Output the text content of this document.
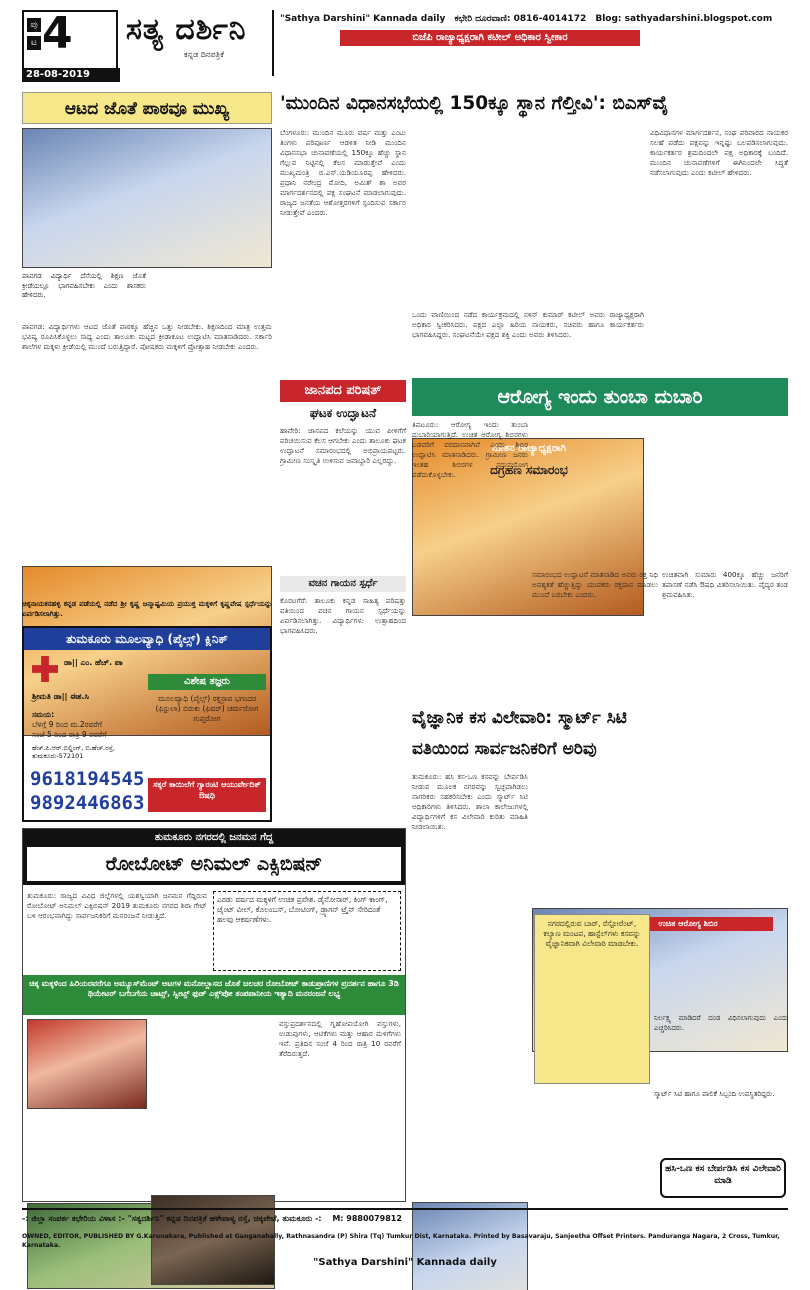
ಪು
ಟ 4 ಸತ್ಯ ದರ್ಶಿನಿ
ಕನ್ನಡ ದಿನಪತ್ರಿಕೆ
28-08-2019
"Sathya Darshini" Kannada daily ಕಛೇರಿ ದೂರವಾಣಿ: 0816-4014172 Blog: sathyadarshini.blogspot.com
ಬಿಜೆಪಿ ರಾಜ್ಯಾಧ್ಯಕ್ಷರಾಗಿ ಕಟೀಲ್ ಅಧಿಕಾರ ಸ್ವೀಕಾರ
ಆಟದ ಜೊತೆ ಪಾಠವೂ ಮುಖ್ಯ
ಪಾವಗಡ ವಿದ್ಯಾರ್ಥಿ ದೆಸೆಯಲ್ಲಿ ಶಿಕ್ಷಣ ಜೊತೆ ಕ್ರೀಡೆಯಲ್ಲೂ ಭಾಗವಹಿಸಬೇಕು ಎಂದು ಶಾಸಕರು ಹೇಳಿದರು.
ಪಾವಗಡ: ವಿದ್ಯಾರ್ಥಿಗಳು ಆಟದ ಜೊತೆ ಪಾಠಕ್ಕೂ ಹೆಚ್ಚಿನ ಒತ್ತು ನೀಡಬೇಕು. ಶಿಕ್ಷಣದಿಂದ ಮಾತ್ರ ಉತ್ತಮ ಭವಿಷ್ಯ ರೂಪಿಸಿಕೊಳ್ಳಲು ಸಾಧ್ಯ ಎಂದು ತಾಲೂಕು ಮಟ್ಟದ ಕ್ರೀಡಾಕೂಟ ಉದ್ಘಾಟಿಸಿ ಮಾತನಾಡಿದರು. ಸರ್ಕಾರಿ ಶಾಲೆಗಳ ಮಕ್ಕಳು ಕ್ರೀಡೆಯಲ್ಲಿ ಮುಂದೆ ಬರುತ್ತಿದ್ದಾರೆ. ಪೋಷಕರು ಮಕ್ಕಳಿಗೆ ಪ್ರೋತ್ಸಾಹ ನೀಡಬೇಕು ಎಂದರು.
ಚಿಕ್ಕನಾಯಕನಹಳ್ಳಿ ಕನ್ನಡ ಪಡೆಯಲ್ಲಿ ನಡೆದ ಶ್ರೀ ಕೃಷ್ಣ ಜನ್ಮಾಷ್ಟಮಿಯ ಪ್ರಯುಕ್ತ ಮಕ್ಕಳಿಗೆ ಕೃಷ್ಣವೇಷ ಸ್ಪರ್ಧೆಯನ್ನು ಏರ್ಪಡಿಸಲಾಗಿತ್ತು.
ತುಮಕೂರು ಮೂಲವ್ಯಾಧಿ (ಪೈಲ್ಸ್) ಕ್ಲಿನಿಕ್
ಡಾ|| ಎಂ. ಹೆಚ್. ಪಾ
ವಿಶೇಷ ತಜ್ಞರು
ಮೂಲವ್ಯಾಧಿ (ಪೈಲ್ಸ್) ರಕ್ತಸ್ರಾವ ಭಗಂದರ (ಫಿಸ್ಟುಲಾ) ಬಿರುಕು (ಫಿಷರ್) ಚರ್ಮರೋಗ ಗುಪ್ತರೋಗ
ಶ್ರೀಮತಿ ಡಾ|| ಈಶ.ಸಿ
ಸಮಯ:
ಬೆಳಿಗ್ಗೆ 9 ರಿಂದ ಮ.2ರವರೆಗೆ
ಸಂಜೆ 5 ರಿಂದ ರಾತ್ರಿ 9 ರವರೆಗೆ
ಹೆಚ್.ಪಿ.ಆರ್.ಬಿಲ್ಡಿಂಗ್, ಬಿ.ಹೆಚ್.ರಸ್ತೆ, ತುಮಕೂರು-572101
9618194545
9892446863
ಸಕ್ಕರೆ ಕಾಯಿಲೆಗೆ ಗ್ಯಾರಂಟಿ ಆಯುರ್ವೇದಿಕ್ ಔಷಧಿ
ಬೆಂಗಳೂರು: ಮುಂದಿನ ಮೂರು ವರ್ಷ ಮತ್ತು ಎಂಟು ತಿಂಗಳು ಪರಿಪೂರ್ಣ ಆಡಳಿತ ನೀಡಿ ಮುಂದಿನ ವಿಧಾನಸಭಾ ಚುನಾವಣೆಯಲ್ಲಿ 150ಕ್ಕೂ ಹೆಚ್ಚು ಸ್ಥಾನ ಗೆಲ್ಲುವ ನಿಟ್ಟಿನಲ್ಲಿ ಕೆಲಸ ಮಾಡುತ್ತೇವೆ ಎಂದು ಮುಖ್ಯಮಂತ್ರಿ ಬಿ.ಎಸ್.ಯಡಿಯೂರಪ್ಪ ಹೇಳಿದರು. ಪ್ರಧಾನಿ ನರೇಂದ್ರ ಮೋದಿ, ಅಮಿತ್ ಶಾ ಅವರ ಮಾರ್ಗದರ್ಶನದಲ್ಲಿ ಪಕ್ಷ ಸಂಘಟನೆ ಮಾಡಲಾಗುವುದು. ರಾಜ್ಯದ ಜನತೆಯ ಆಶೋತ್ತರಗಳಿಗೆ ಸ್ಪಂದಿಸುವ ಸರ್ಕಾರ ನೀಡುತ್ತೇವೆ ಎಂದರು.
'ಮುಂದಿನ ವಿಧಾನಸಭೆಯಲ್ಲಿ 150ಕ್ಕೂ ಸ್ಥಾನ ಗೆಲ್ತೀವಿ': ಬಿಎಸ್‌ವೈ
ನೂತನ ರಾಜ್ಯಾಧ್ಯಕ್ಷರಾಗಿ
ದಗ್ರಹಣ ಸಮಾರಂಭ
ಒಂದು ವಾಣಿಯಿಂದ ನಡೆದ ಕಾರ್ಯಕ್ರಮದಲ್ಲಿ ನಳಿನ್ ಕುಮಾರ್ ಕಟೀಲ್ ಅವರು ರಾಜ್ಯಾಧ್ಯಕ್ಷರಾಗಿ ಅಧಿಕಾರ ಸ್ವೀಕರಿಸಿದರು. ಪಕ್ಷದ ಎಲ್ಲಾ ಹಿರಿಯ ನಾಯಕರು, ಸಚಿವರು ಹಾಗೂ ಕಾರ್ಯಕರ್ತರು ಭಾಗವಹಿಸಿದ್ದರು. ಸಂಘಟನೆಯೇ ಪಕ್ಷದ ಶಕ್ತಿ ಎಂದು ಅವರು ತಿಳಿಸಿದರು.
ವಿಧಿವಿಧಾನಗಳ ಮಾರ್ಗದರ್ಶನ, ಸಂಘ ಪರಿವಾರದ ನಾಯಕರ ಸಲಹೆ ಪಡೆದು ಪಕ್ಷವನ್ನು ಇನ್ನಷ್ಟು ಬಲಪಡಿಸಲಾಗುವುದು. ಕಾರ್ಯಕರ್ತರ ಶ್ರಮದಿಂದಲೇ ಪಕ್ಷ ಅಧಿಕಾರಕ್ಕೆ ಬಂದಿದೆ. ಮುಂದಿನ ಚುನಾವಣೆಗಳಿಗೆ ಈಗಿನಿಂದಲೇ ಸಿದ್ಧತೆ ನಡೆಸಲಾಗುವುದು ಎಂದು ಕಟೀಲ್ ಹೇಳಿದರು.
ಜಾನಪದ ಪರಿಷತ್
ಘಟಕ ಉದ್ಘಾಟನೆ
ಹಾವೇರಿ: ಜಾನಪದ ಕಲೆಯನ್ನು ಯುವ ಪೀಳಿಗೆಗೆ ಪರಿಚಯಿಸುವ ಕೆಲಸ ಆಗಬೇಕು ಎಂದು ತಾಲೂಕು ಘಟಕ ಉದ್ಘಾಟನೆ ಸಮಾರಂಭದಲ್ಲಿ ಅಭಿಪ್ರಾಯಪಟ್ಟರು. ಗ್ರಾಮೀಣ ಸಂಸ್ಕೃತಿ ಉಳಿಸುವ ಜವಾಬ್ದಾರಿ ಎಲ್ಲರದ್ದು.
ವಚನ ಗಾಯನ ಸ್ಪರ್ಧೆ
ಕೊರಟಗೆರೆ: ತಾಲೂಕು ಕನ್ನಡ ಸಾಹಿತ್ಯ ಪರಿಷತ್ತು ವತಿಯಿಂದ ವಚನ ಗಾಯನ ಸ್ಪರ್ಧೆಯನ್ನು ಏರ್ಪಡಿಸಲಾಗಿತ್ತು. ವಿದ್ಯಾರ್ಥಿಗಳು ಉತ್ಸಾಹದಿಂದ ಭಾಗವಹಿಸಿದರು.
ಆರೋಗ್ಯ ಇಂದು ತುಂಬಾ ದುಬಾರಿ
ತಿಪಟೂರು: ಆರೋಗ್ಯ ಇಂದು ತುಂಬಾ ದುಬಾರಿಯಾಗುತ್ತಿದೆ. ಉಚಿತ ಆರೋಗ್ಯ ಶಿಬಿರಗಳು ಬಡವರಿಗೆ ವರದಾನವಾಗಿವೆ ಎಂದು ಶಿಬಿರ ಉದ್ಘಾಟಿಸಿ ಮಾತನಾಡಿದರು. ಗ್ರಾಮೀಣ ಜನರು ಇಂತಹ ಶಿಬಿರಗಳ ಸದುಪಯೋಗ ಪಡೆದುಕೊಳ್ಳಬೇಕು.
ಉಚಿತ ಆರೋಗ್ಯ ಶಿಬಿರ
ಸಮಾರಂಭದ ಉದ್ಘಾಟನೆ ಮಾತನಾಡಿದ ಅವರು ರಕ್ತ ನಿಧಿ ಅವಶ್ಯಕತೆ ಹೆಚ್ಚುತ್ತಿದ್ದು ಯುವಕರು ರಕ್ತದಾನ ಮಾಡಲು ಮುಂದೆ ಬರಬೇಕು ಎಂದರು.
ಉಚಿತವಾಗಿ ಸುಮಾರು 400ಕ್ಕೂ ಹೆಚ್ಚು ಜನರಿಗೆ ತಪಾಸಣೆ ನಡೆಸಿ ಔಷಧಿ ವಿತರಿಸಲಾಯಿತು. ವೈದ್ಯರ ತಂಡ ಶ್ರಮವಹಿಸಿತು.
ವೈಜ್ಞಾನಿಕ ಕಸ ವಿಲೇವಾರಿ: ಸ್ಮಾರ್ಟ್ ಸಿಟಿ
ವತಿಯಿಂದ ಸಾರ್ವಜನಿಕರಿಗೆ ಅರಿವು
ತುಮಕೂರು: ಹಸಿ ಕಸ-ಒಣ ಕಸವನ್ನು ಬೇರ್ಪಡಿಸಿ ನೀಡುವ ಮೂಲಕ ನಗರವನ್ನು ಸ್ವಚ್ಛವಾಗಿಡಲು ನಾಗರಿಕರು ಸಹಕರಿಸಬೇಕು ಎಂದು ಸ್ಮಾರ್ಟ್ ಸಿಟಿ ಅಧಿಕಾರಿಗಳು ತಿಳಿಸಿದರು. ಶಾಲಾ ಕಾಲೇಜುಗಳಲ್ಲಿ ವಿದ್ಯಾರ್ಥಿಗಳಿಗೆ ಕಸ ವಿಲೇವಾರಿ ಕುರಿತು ಮಾಹಿತಿ ನೀಡಲಾಯಿತು.
ನಗರದಲ್ಲಿರುವ ಬಾರ್, ರೆಸ್ಟೋರೆಂಟ್, ಕಲ್ಯಾಣ ಮಂಟಪ, ಹಾಸ್ಟೆಲ್‌ಗಳು ಕಸವನ್ನು ವೈಜ್ಞಾನಿಕವಾಗಿ ವಿಲೇವಾರಿ ಮಾಡಬೇಕು.
ನಿರ್ಲಕ್ಷ್ಯ ಮಾಡಿದರೆ ದಂಡ ವಿಧಿಸಲಾಗುವುದು ಎಂದು ಎಚ್ಚರಿಸಿದರು.
ಸ್ಮಾರ್ಟ್ ಸಿಟಿ ಹಾಗೂ ಪಾಲಿಕೆ ಸಿಬ್ಬಂದಿ ಉಪಸ್ಥಿತರಿದ್ದರು.
ಹಸಿ-ಒಣ ಕಸ ಬೇರ್ಪಡಿಸಿ ಕಸ ವಿಲೇವಾರಿ ಮಾಡಿ
ತುಮಕೂರು ನಗರದಲ್ಲಿ ಜನಮನ ಗೆದ್ದ
ರೋಬೋಟ್ ಅನಿಮಲ್ ಎಕ್ಸಿಬಿಷನ್
ತುಮಕೂರು: ರಾಜ್ಯದ ವಿವಿಧ ಜಿಲ್ಲೆಗಳಲ್ಲಿ ಯಶಸ್ವಿಯಾಗಿ ಜನಮನ ಗೆದ್ದಿರುವ ರೋಬೋಟ್ ಅನಿಮಲ್ ಎಕ್ಸಿಬಿಷನ್ 2019 ತುಮಕೂರು ನಗರದ ಶಿರಾ ಗೇಟ್ ಬಳಿ ಆರಂಭವಾಗಿದ್ದು ಸಾರ್ವಜನಿಕರಿಗೆ ಮನರಂಜನೆ ನೀಡುತ್ತಿದೆ.
ಎರಡು ವರ್ಷದ ಮಕ್ಕಳಿಗೆ ಉಚಿತ ಪ್ರವೇಶ. ಡೈನೋಸಾರ್, ಕಿಂಗ್ ಕಾಂಗ್, ಜೈಂಟ್ ವೀಲ್, ಕೊಲಂಬಸ್, ಬೋಟಿಂಗ್, ಡ್ರ್ಯಾಗನ್ ಟ್ರೈನ್ ಸೇರಿದಂತೆ ಹಲವು ಆಕರ್ಷಣೆಗಳು.
ಚಿಕ್ಕ ಮಕ್ಕಳಿಂದ ಹಿರಿಯರವರೆಗೂ ಅಮ್ಯೂಸ್‌ಮೆಂಟ್ ಆಟಗಳ ಮನೋಲ್ಲಾಸದ ಜೊತೆ ಜಲಚರ ರೋಬೋಟ್ ಕಾಡುಪ್ರಾಣಿಗಳ ಪ್ರದರ್ಶನ ಹಾಗೂ 3ಡಿ ಥಿಯೇಟರ್ ಬಗೆಬಗೆಯ ಚಾಟ್ಸ್, ಸ್ವೀಟ್ಸ್ ಫುಡ್ ಎಕ್ಸ್‌ಪೋ ತಂಪಪಾನೀಯ ಇತ್ಯಾದಿ ಮನರಂಜನೆ ಲಭ್ಯ
ವಸ್ತುಪ್ರದರ್ಶನದಲ್ಲಿ ಗೃಹೋಪಯೋಗಿ ವಸ್ತುಗಳು, ಉಡುಪುಗಳು, ಆಟಿಕೆಗಳು ಮತ್ತು ಆಹಾರ ಮಳಿಗೆಗಳು ಇವೆ. ಪ್ರತಿದಿನ ಸಂಜೆ 4 ರಿಂದ ರಾತ್ರಿ 10 ರವರೆಗೆ ತೆರೆದಿರುತ್ತದೆ.
-: ಜಿಲ್ಲಾ ಸಂಪರ್ಕ ಕಛೇರಿಯ ವಿಳಾಸ :- "ಸತ್ಯದರ್ಶಿನಿ" ಕನ್ನಡ ದಿನಪತ್ರಿಕೆ ಹಳೇಪಾಳ್ಯ ರಸ್ತೆ, ಚಿಕ್ಕಪೇಟೆ, ತುಮಕೂರು -: M: 9880079812
OWNED, EDITOR, PUBLISHED BY G.Karunakara, Published at Ganganahally, Rathnasandra (P) Shira (Tq) Tumkur Dist, Karnataka. Printed by Basavaraju, Sanjeetha Offset Printers. Panduranga Nagara, 2 Cross, Tumkur, Karnataka.
"Sathya Darshini" Kannada daily
